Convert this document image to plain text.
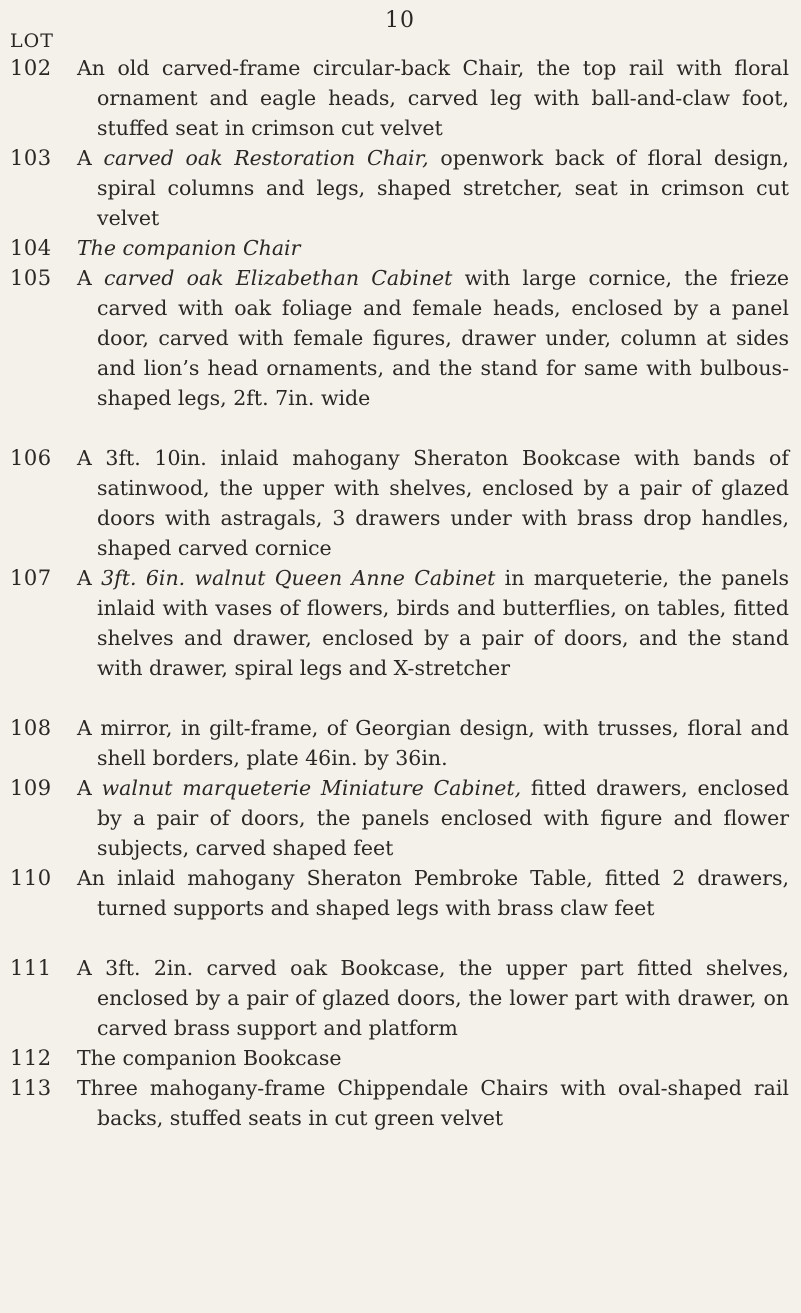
10
LOT
102 An old carved-frame circular-back Chair, the top rail with floral ornament and eagle heads, carved leg with ball-and-claw foot, stuffed seat in crimson cut velvet
103 A carved oak Restoration Chair, openwork back of floral design, spiral columns and legs, shaped stretcher, seat in crimson cut velvet
104 The companion Chair
105 A carved oak Elizabethan Cabinet with large cornice, the frieze carved with oak foliage and female heads, enclosed by a panel door, carved with female figures, drawer under, column at sides and lion’s head ornaments, and the stand for same with bulbous-shaped legs, 2ft. 7in. wide
106 A 3ft. 10in. inlaid mahogany Sheraton Bookcase with bands of satinwood, the upper with shelves, enclosed by a pair of glazed doors with astragals, 3 drawers under with brass drop handles, shaped carved cornice
107 A 3ft. 6in. walnut Queen Anne Cabinet in marqueterie, the panels inlaid with vases of flowers, birds and butterflies, on tables, fitted shelves and drawer, enclosed by a pair of doors, and the stand with drawer, spiral legs and X-stretcher
108 A mirror, in gilt-frame, of Georgian design, with trusses, floral and shell borders, plate 46in. by 36in.
109 A walnut marqueterie Miniature Cabinet, fitted drawers, enclosed by a pair of doors, the panels enclosed with figure and flower subjects, carved shaped feet
110 An inlaid mahogany Sheraton Pembroke Table, fitted 2 drawers, turned supports and shaped legs with brass claw feet
111 A 3ft. 2in. carved oak Bookcase, the upper part fitted shelves, enclosed by a pair of glazed doors, the lower part with drawer, on carved brass support and platform
112 The companion Bookcase
113 Three mahogany-frame Chippendale Chairs with oval-shaped rail backs, stuffed seats in cut green velvet
